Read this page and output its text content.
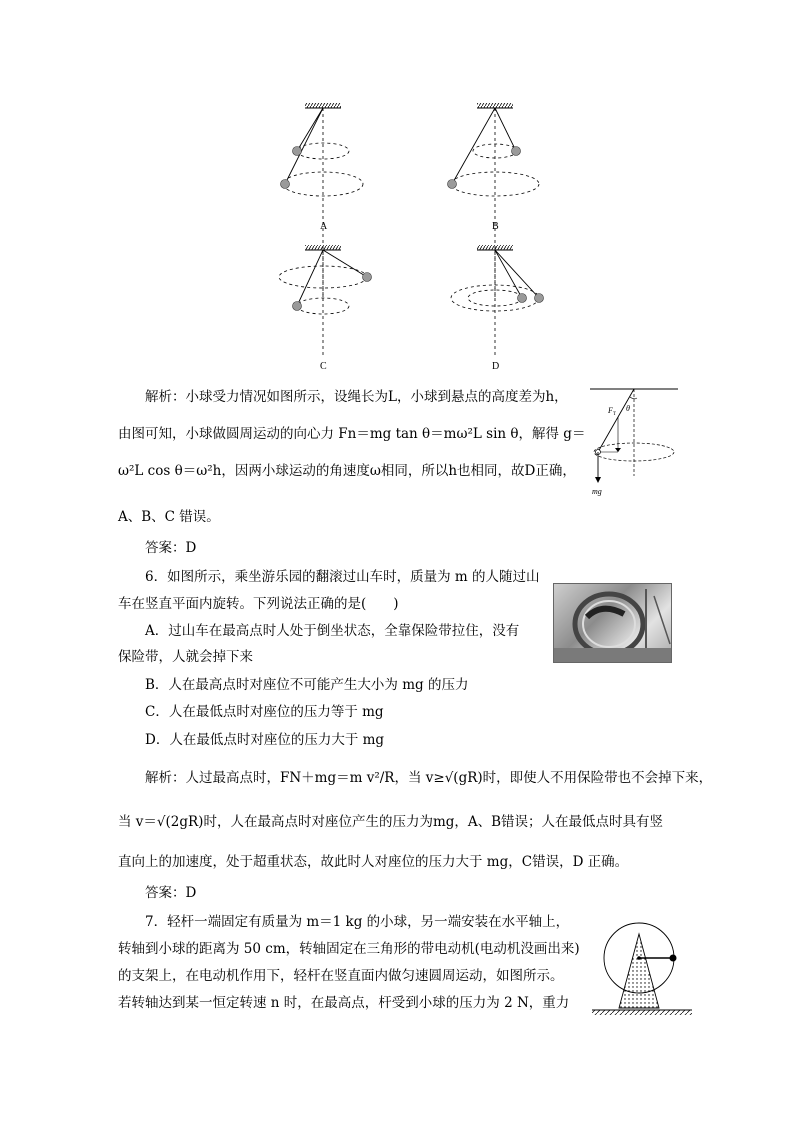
A	B
C	D
F T
θ
mg
解析：小球受力情况如图所示，设绳长为L，小球到悬点的高度差为h，
由图可知，小球做圆周运动的向心力 Fn＝mg tan θ＝mω²L sin θ，解得 g＝
ω²L cos θ＝ω²h，因两小球运动的角速度ω相同，所以h也相同，故D正确，
A、B、C 错误。
答案：D
6．如图所示，乘坐游乐园的翻滚过山车时，质量为 m 的人随过山
车在竖直平面内旋转。下列说法正确的是(　　)
A．过山车在最高点时人处于倒坐状态，全靠保险带拉住，没有
保险带，人就会掉下来
B．人在最高点时对座位不可能产生大小为 mg 的压力
C．人在最低点时对座位的压力等于 mg
D．人在最低点时对座位的压力大于 mg
解析：人过最高点时，FN＋mg＝m v²/R，当 v≥√(gR)时，即使人不用保险带也不会掉下来，
当 v＝√(2gR)时，人在最高点时对座位产生的压力为mg，A、B错误；人在最低点时具有竖
直向上的加速度，处于超重状态，故此时人对座位的压力大于 mg，C错误，D 正确。
答案：D
7．轻杆一端固定有质量为 m＝1 kg 的小球，另一端安装在水平轴上，
转轴到小球的距离为 50 cm，转轴固定在三角形的带电动机(电动机没画出来)
的支架上，在电动机作用下，轻杆在竖直面内做匀速圆周运动，如图所示。
若转轴达到某一恒定转速 n 时，在最高点，杆受到小球的压力为 2 N，重力
